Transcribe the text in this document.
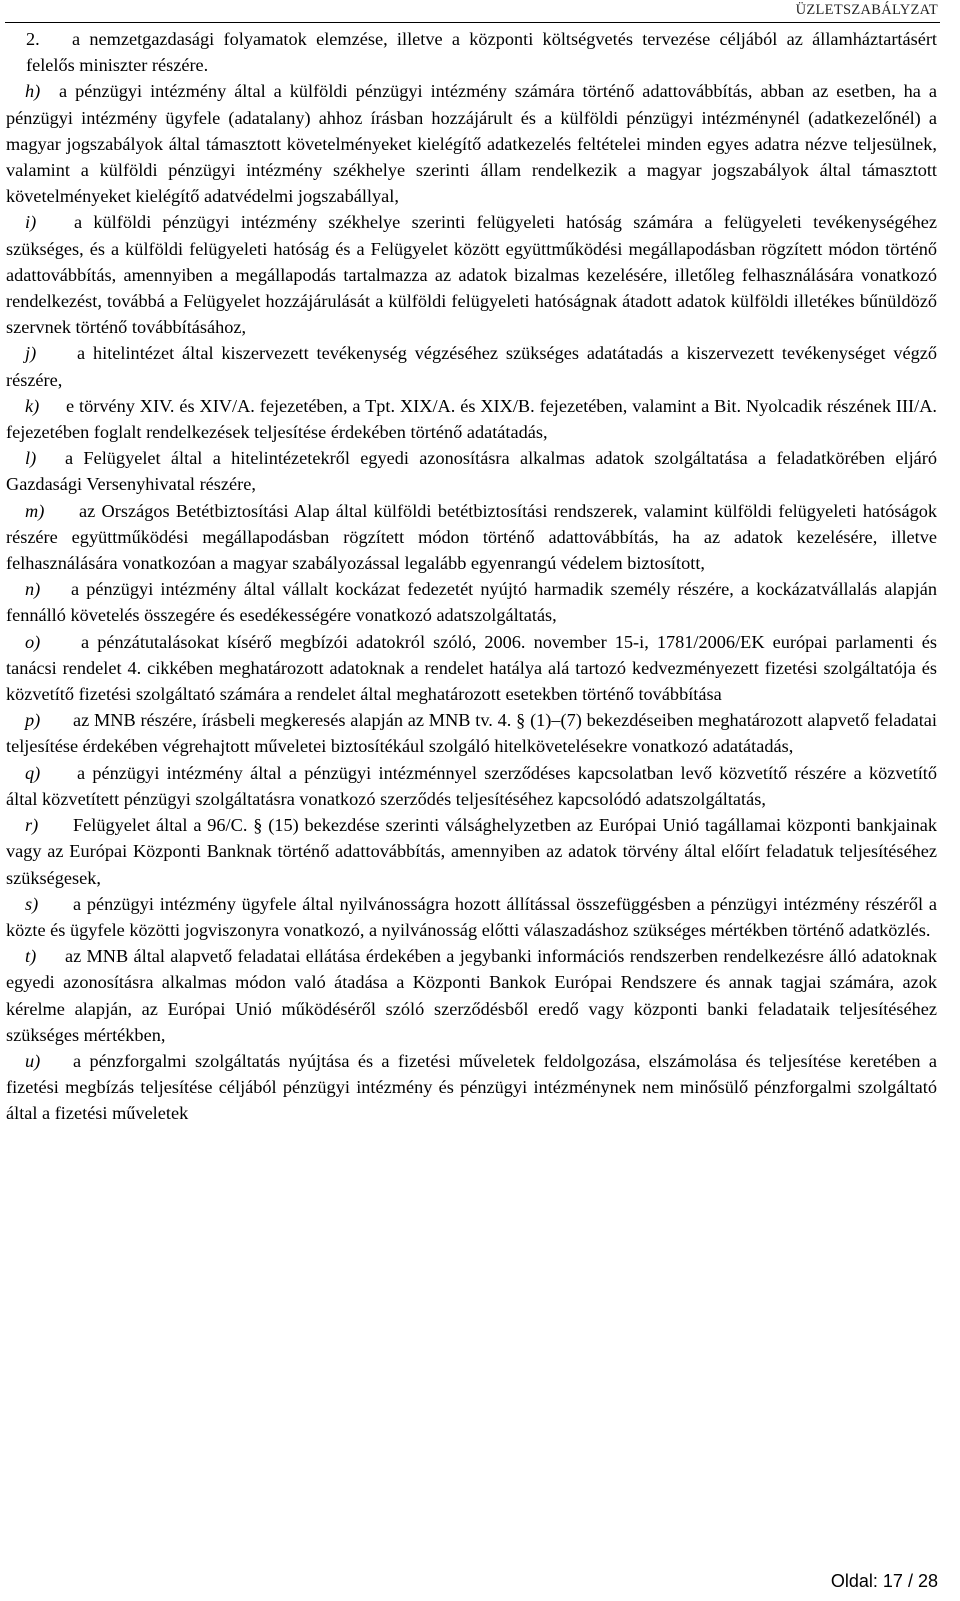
ÜZLETSZABÁLYZAT

2. a nemzetgazdasági folyamatok elemzése, illetve a központi költségvetés tervezése céljából az államháztartásért felelős miniszter részére.

h) a pénzügyi intézmény által a külföldi pénzügyi intézmény számára történő adattovábbítás, abban az esetben, ha a pénzügyi intézmény ügyfele (adatalany) ahhoz írásban hozzájárult és a külföldi pénzügyi intézménynél (adatkezelőnél) a magyar jogszabályok által támasztott követelményeket kielégítő adatkezelés feltételei minden egyes adatra nézve teljesülnek, valamint a külföldi pénzügyi intézmény székhelye szerinti állam rendelkezik a magyar jogszabályok által támasztott követelményeket kielégítő adatvédelmi jogszabállyal,

i) a külföldi pénzügyi intézmény székhelye szerinti felügyeleti hatóság számára a felügyeleti tevékenységéhez szükséges, és a külföldi felügyeleti hatóság és a Felügyelet között együttműködési megállapodásban rögzített módon történő adattovábbítás, amennyiben a megállapodás tartalmazza az adatok bizalmas kezelésére, illetőleg felhasználására vonatkozó rendelkezést, továbbá a Felügyelet hozzájárulását a külföldi felügyeleti hatóságnak átadott adatok külföldi illetékes bűnüldöző szervnek történő továbbításához,

j) a hitelintézet által kiszervezett tevékenység végzéséhez szükséges adatátadás a kiszervezett tevékenységet végző részére,

k) e törvény XIV. és XIV/A. fejezetében, a Tpt. XIX/A. és XIX/B. fejezetében, valamint a Bit. Nyolcadik részének III/A. fejezetében foglalt rendelkezések teljesítése érdekében történő adatátadás,

l) a Felügyelet által a hitelintézetekről egyedi azonosításra alkalmas adatok szolgáltatása a feladatkörében eljáró Gazdasági Versenyhivatal részére,

m) az Országos Betétbiztosítási Alap által külföldi betétbiztosítási rendszerek, valamint külföldi felügyeleti hatóságok részére együttműködési megállapodásban rögzített módon történő adattovábbítás, ha az adatok kezelésére, illetve felhasználására vonatkozóan a magyar szabályozással legalább egyenrangú védelem biztosított,

n) a pénzügyi intézmény által vállalt kockázat fedezetét nyújtó harmadik személy részére, a kockázatvállalás alapján fennálló követelés összegére és esedékességére vonatkozó adatszolgáltatás,

o) a pénzátutalásokat kísérő megbízói adatokról szóló, 2006. november 15-i, 1781/2006/EK európai parlamenti és tanácsi rendelet 4. cikkében meghatározott adatoknak a rendelet hatálya alá tartozó kedvezményezett fizetési szolgáltatója és közvetítő fizetési szolgáltató számára a rendelet által meghatározott esetekben történő továbbítása

p) az MNB részére, írásbeli megkeresés alapján az MNB tv. 4. § (1)–(7) bekezdéseiben meghatározott alapvető feladatai teljesítése érdekében végrehajtott műveletei biztosítékául szolgáló hitelkövetelésekre vonatkozó adatátadás,

q) a pénzügyi intézmény által a pénzügyi intézménnyel szerződéses kapcsolatban levő közvetítő részére a közvetítő által közvetített pénzügyi szolgáltatásra vonatkozó szerződés teljesítéséhez kapcsolódó adatszolgáltatás,

r) Felügyelet által a 96/C. § (15) bekezdése szerinti válsághelyzetben az Európai Unió tagállamai központi bankjainak vagy az Európai Központi Banknak történő adattovábbítás, amennyiben az adatok törvény által előírt feladatuk teljesítéséhez szükségesek,

s) a pénzügyi intézmény ügyfele által nyilvánosságra hozott állítással összefüggésben a pénzügyi intézmény részéről a közte és ügyfele közötti jogviszonyra vonatkozó, a nyilvánosság előtti válaszadáshoz szükséges mértékben történő adatközlés.

t) az MNB által alapvető feladatai ellátása érdekében a jegybanki információs rendszerben rendelkezésre álló adatoknak egyedi azonosításra alkalmas módon való átadása a Központi Bankok Európai Rendszere és annak tagjai számára, azok kérelme alapján, az Európai Unió működéséről szóló szerződésből eredő vagy központi banki feladataik teljesítéséhez szükséges mértékben,

u) a pénzforgalmi szolgáltatás nyújtása és a fizetési műveletek feldolgozása, elszámolása és teljesítése keretében a fizetési megbízás teljesítése céljából pénzügyi intézmény és pénzügyi intézménynek nem minősülő pénzforgalmi szolgáltató által a fizetési műveletek

Oldal: 17 / 28
